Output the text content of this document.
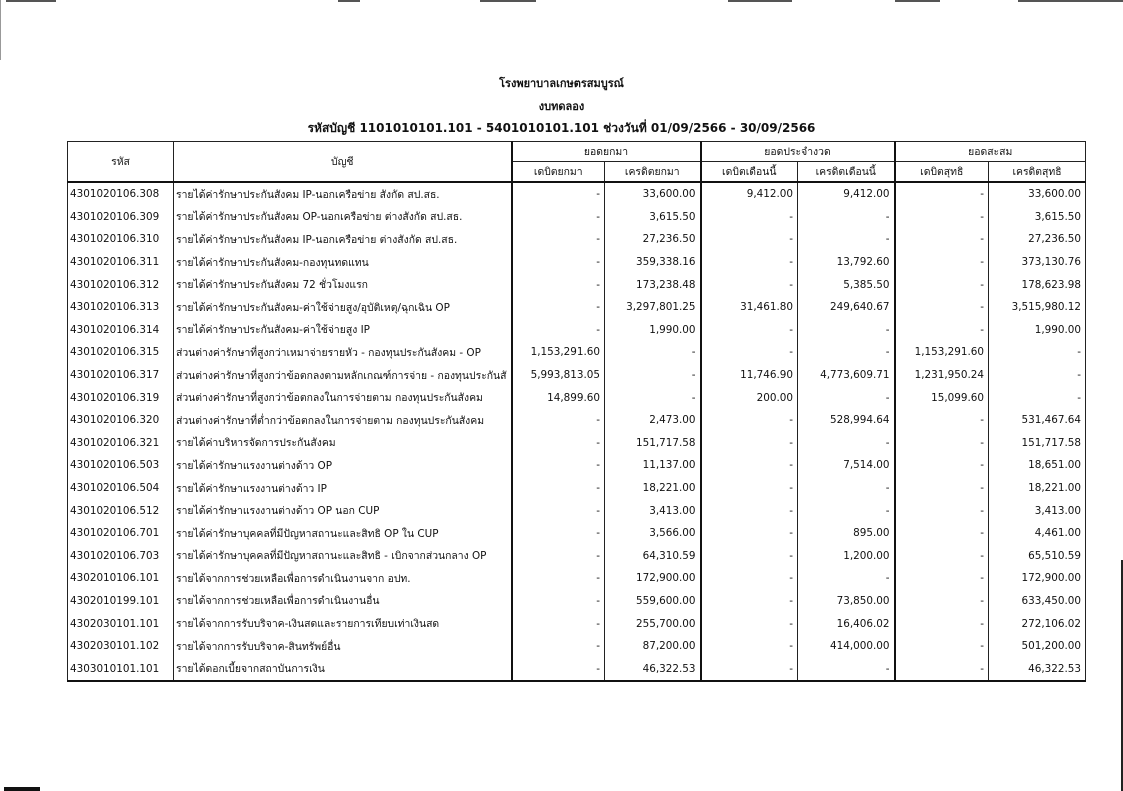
โรงพยาบาลเกษตรสมบูรณ์
งบทดลอง
รหัสบัญชี 1101010101.101 - 5401010101.101 ช่วงวันที่ 01/09/2566 - 30/09/2566
รหัส	บัญชี	ยอดยกมา		ยอดประจำงวด		ยอดสะสม	
		เดบิตยกมา	เครดิตยกมา	เดบิตเดือนนี้	เครดิตเดือนนี้	เดบิตสุทธิ	เครดิตสุทธิ
4301020106.308	รายได้ค่ารักษาประกันสังคม IP-นอกเครือข่าย สังกัด สป.สธ.	-	33,600.00	9,412.00	9,412.00	-	33,600.00
4301020106.309	รายได้ค่ารักษาประกันสังคม OP-นอกเครือข่าย ต่างสังกัด สป.สธ.	-	3,615.50	-	-	-	3,615.50
4301020106.310	รายได้ค่ารักษาประกันสังคม IP-นอกเครือข่าย ต่างสังกัด สป.สธ.	-	27,236.50	-	-	-	27,236.50
4301020106.311	รายได้ค่ารักษาประกันสังคม-กองทุนทดแทน	-	359,338.16	-	13,792.60	-	373,130.76
4301020106.312	รายได้ค่ารักษาประกันสังคม 72 ชั่วโมงแรก	-	173,238.48	-	5,385.50	-	178,623.98
4301020106.313	รายได้ค่ารักษาประกันสังคม-ค่าใช้จ่ายสูง/อุบัติเหตุ/ฉุกเฉิน OP	-	3,297,801.25	31,461.80	249,640.67	-	3,515,980.12
4301020106.314	รายได้ค่ารักษาประกันสังคม-ค่าใช้จ่ายสูง IP	-	1,990.00	-	-	-	1,990.00
4301020106.315	ส่วนต่างค่ารักษาที่สูงกว่าเหมาจ่ายรายหัว - กองทุนประกันสังคม - OP	1,153,291.60	-	-	-	1,153,291.60	-
4301020106.317	ส่วนต่างค่ารักษาที่สูงกว่าข้อตกลงตามหลักเกณฑ์การจ่าย - กองทุนประกันสั	5,993,813.05	-	11,746.90	4,773,609.71	1,231,950.24	-
4301020106.319	ส่วนต่างค่ารักษาที่สูงกว่าข้อตกลงในการจ่ายตาม กองทุนประกันสังคม	14,899.60	-	200.00	-	15,099.60	-
4301020106.320	ส่วนต่างค่ารักษาที่ต่ำกว่าข้อตกลงในการจ่ายตาม กองทุนประกันสังคม	-	2,473.00	-	528,994.64	-	531,467.64
4301020106.321	รายได้ค่าบริหารจัดการประกันสังคม	-	151,717.58	-	-	-	151,717.58
4301020106.503	รายได้ค่ารักษาแรงงานต่างด้าว OP	-	11,137.00	-	7,514.00	-	18,651.00
4301020106.504	รายได้ค่ารักษาแรงงานต่างด้าว IP	-	18,221.00	-	-	-	18,221.00
4301020106.512	รายได้ค่ารักษาแรงงานต่างด้าว OP นอก CUP	-	3,413.00	-	-	-	3,413.00
4301020106.701	รายได้ค่ารักษาบุคคลที่มีปัญหาสถานะและสิทธิ OP ใน CUP	-	3,566.00	-	895.00	-	4,461.00
4301020106.703	รายได้ค่ารักษาบุคคลที่มีปัญหาสถานะและสิทธิ - เบิกจากส่วนกลาง OP	-	64,310.59	-	1,200.00	-	65,510.59
4302010106.101	รายได้จากการช่วยเหลือเพื่อการดำเนินงานจาก อปท.	-	172,900.00	-	-	-	172,900.00
4302010199.101	รายได้จากการช่วยเหลือเพื่อการดำเนินงานอื่น	-	559,600.00	-	73,850.00	-	633,450.00
4302030101.101	รายได้จากการรับบริจาค-เงินสดและรายการเทียบเท่าเงินสด	-	255,700.00	-	16,406.02	-	272,106.02
4302030101.102	รายได้จากการรับบริจาค-สินทรัพย์อื่น	-	87,200.00	-	414,000.00	-	501,200.00
4303010101.101	รายได้ดอกเบี้ยจากสถาบันการเงิน	-	46,322.53	-	-	-	46,322.53
